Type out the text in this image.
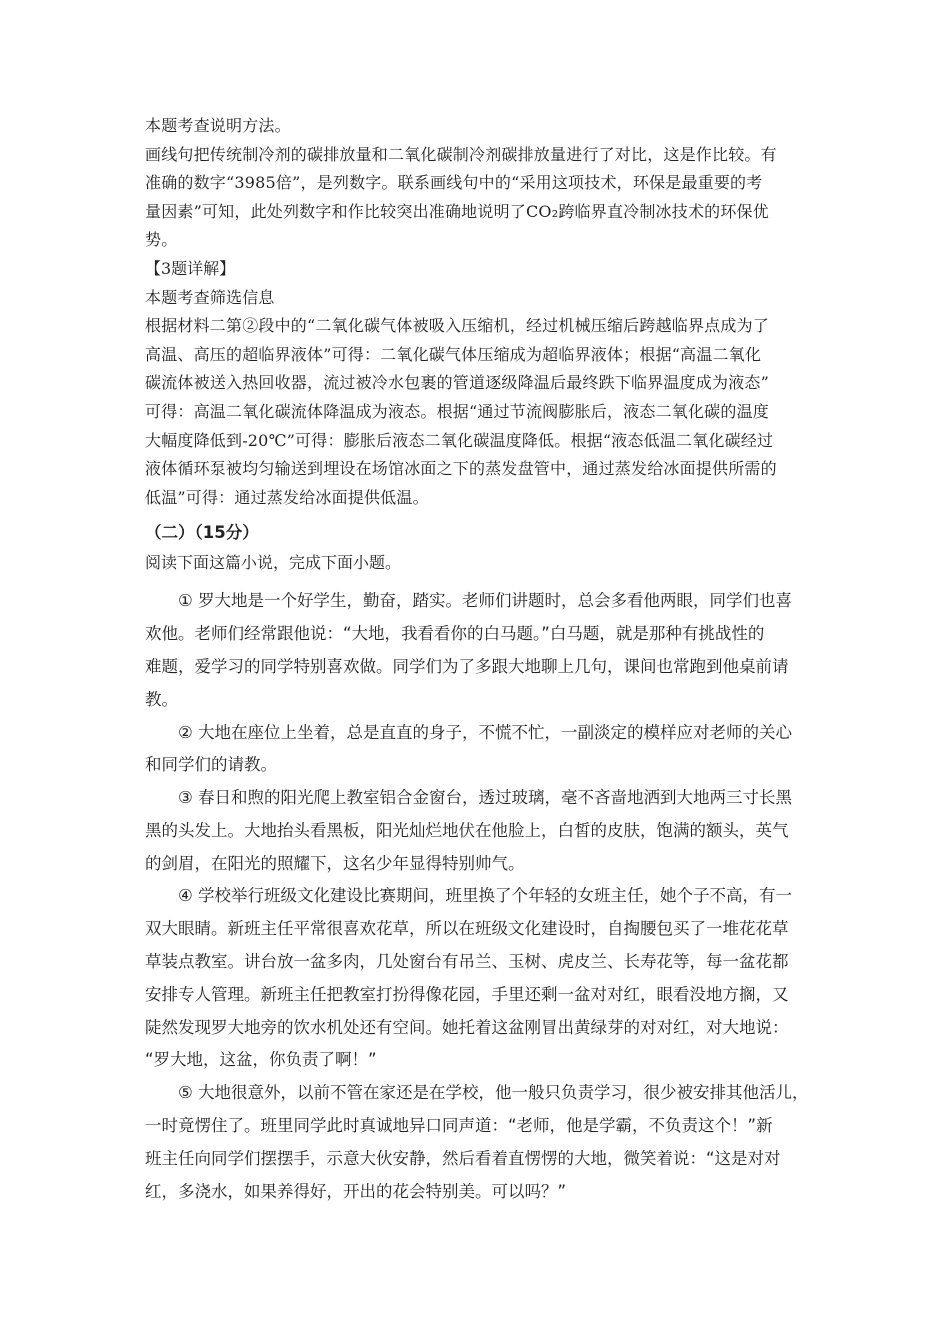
本题考查说明方法。
画线句把传统制冷剂的碳排放量和二氧化碳制冷剂碳排放量进行了对比，这是作比较。有
准确的数字“3985倍”，是列数字。联系画线句中的“采用这项技术，环保是最重要的考
量因素”可知，此处列数字和作比较突出准确地说明了CO₂跨临界直冷制冰技术的环保优
势。
【3题详解】
本题考查筛选信息
根据材料二第②段中的“二氧化碳气体被吸入压缩机，经过机械压缩后跨越临界点成为了
高温、高压的超临界液体”可得：二氧化碳气体压缩成为超临界液体；根据“高温二氧化
碳流体被送入热回收器，流过被冷水包裹的管道逐级降温后最终跌下临界温度成为液态”
可得：高温二氧化碳流体降温成为液态。根据“通过节流阀膨胀后，液态二氧化碳的温度
大幅度降低到-20℃”可得：膨胀后液态二氧化碳温度降低。根据“液态低温二氧化碳经过
液体循环泵被均匀输送到埋设在场馆冰面之下的蒸发盘管中，通过蒸发给冰面提供所需的
低温”可得：通过蒸发给冰面提供低温。
（二）（15分）
阅读下面这篇小说，完成下面小题。
① 罗大地是一个好学生，勤奋，踏实。老师们讲题时，总会多看他两眼，同学们也喜
欢他。老师们经常跟他说：“大地，我看看你的白马题。”白马题，就是那种有挑战性的
难题，爱学习的同学特别喜欢做。同学们为了多跟大地聊上几句，课间也常跑到他桌前请
教。
② 大地在座位上坐着，总是直直的身子，不慌不忙，一副淡定的模样应对老师的关心
和同学们的请教。
③ 春日和煦的阳光爬上教室铝合金窗台，透过玻璃，毫不吝啬地洒到大地两三寸长黑
黑的头发上。大地抬头看黑板，阳光灿烂地伏在他脸上，白皙的皮肤，饱满的额头，英气
的剑眉，在阳光的照耀下，这名少年显得特别帅气。
④ 学校举行班级文化建设比赛期间，班里换了个年轻的女班主任，她个子不高，有一
双大眼睛。新班主任平常很喜欢花草，所以在班级文化建设时，自掏腰包买了一堆花花草
草装点教室。讲台放一盆多肉，几处窗台有吊兰、玉树、虎皮兰、长寿花等，每一盆花都
安排专人管理。新班主任把教室打扮得像花园，手里还剩一盆对对红，眼看没地方搁，又
陡然发现罗大地旁的饮水机处还有空间。她托着这盆刚冒出黄绿芽的对对红，对大地说：
“罗大地，这盆，你负责了啊！”
⑤ 大地很意外，以前不管在家还是在学校，他一般只负责学习，很少被安排其他活儿，
一时竟愣住了。班里同学此时真诚地异口同声道：“老师，他是学霸，不负责这个！”新
班主任向同学们摆摆手，示意大伙安静，然后看着直愣愣的大地，微笑着说：“这是对对
红，多浇水，如果养得好，开出的花会特别美。可以吗？”
